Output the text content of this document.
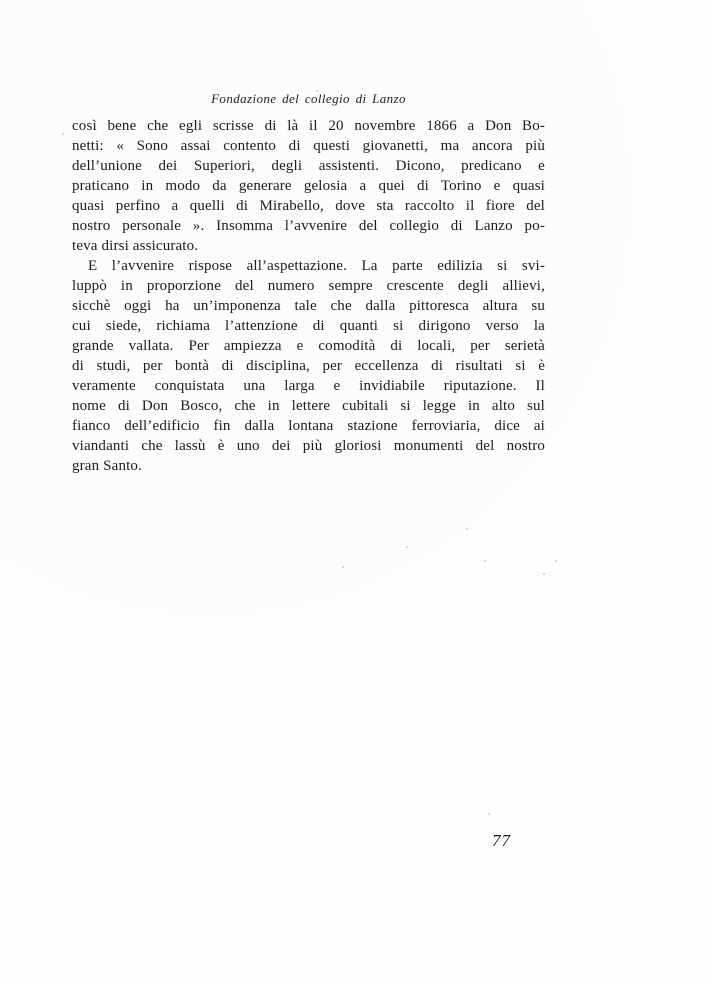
Fondazione del collegio di Lanzo
così bene che egli scrisse di là il 20 novembre 1866 a Don Bo-
netti: « Sono assai contento di questi giovanetti, ma ancora più
dell’unione dei Superiori, degli assistenti. Dicono, predicano e
praticano in modo da generare gelosia a quei di Torino e quasi
quasi perfino a quelli di Mirabello, dove sta raccolto il fiore del
nostro personale ». Insomma l’avvenire del collegio di Lanzo po-
teva dirsi assicurato.
E l’avvenire rispose all’aspettazione. La parte edilizia si svi-
luppò in proporzione del numero sempre crescente degli allievi,
sicchè oggi ha un’imponenza tale che dalla pittoresca altura su
cui siede, richiama l’attenzione di quanti si dirigono verso la
grande vallata. Per ampiezza e comodità di locali, per serietà
di studi, per bontà di disciplina, per eccellenza di risultati si è
veramente conquistata una larga e invidiabile riputazione. Il
nome di Don Bosco, che in lettere cubitali si legge in alto sul
fianco dell’edificio fin dalla lontana stazione ferroviaria, dice ai
viandanti che lassù è uno dei più gloriosi monumenti del nostro
gran Santo.
77
